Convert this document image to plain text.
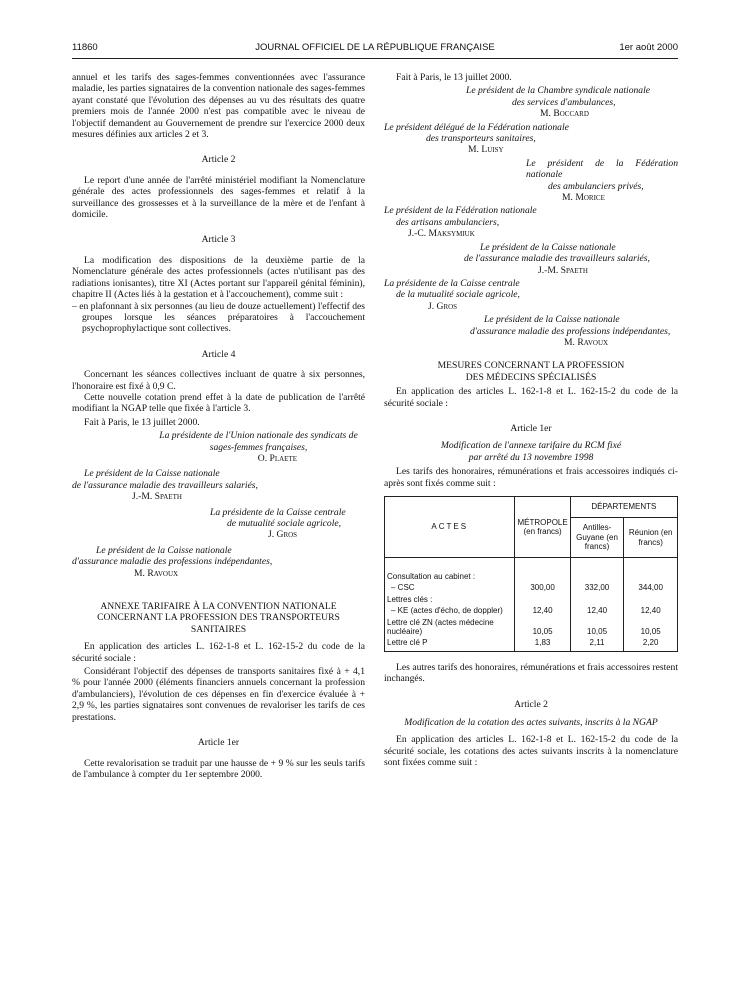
11860	JOURNAL OFFICIEL DE LA RÉPUBLIQUE FRANÇAISE	1er août 2000

annuel et les tarifs des sages-femmes conventionnées avec l'assurance maladie, les parties signataires de la convention nationale des sages-femmes ayant constaté que l'évolution des dépenses au vu des résultats des quatre premiers mois de l'année 2000 n'est pas compatible avec le niveau de l'objectif demandent au Gouvernement de prendre sur l'exercice 2000 deux mesures définies aux articles 2 et 3.

Article 2

Le report d'une année de l'arrêté ministériel modifiant la Nomenclature générale des actes professionnels des sages-femmes et relatif à la surveillance des grossesses et à la surveillance de la mère et de l'enfant à domicile.

Article 3

La modification des dispositions de la deuxième partie de la Nomenclature générale des actes professionnels (actes n'utilisant pas des radiations ionisantes), titre XI (Actes portant sur l'appareil génital féminin), chapitre II (Actes liés à la gestation et à l'accouchement), comme suit :

– en plafonnant à six personnes (au lieu de douze actuellement) l'effectif des groupes lorsque les séances préparatoires à l'accouchement psychoprophylactique sont collectives.

Article 4

Concernant les séances collectives incluant de quatre à six personnes, l'honoraire est fixé à 0,9 C.

Cette nouvelle cotation prend effet à la date de publication de l'arrêté modifiant la NGAP telle que fixée à l'article 3.

Fait à Paris, le 13 juillet 2000.

La présidente de l'Union nationale des syndicats de sages-femmes françaises,

O. Plaete

Le président de la Caisse nationale

de l'assurance maladie des travailleurs salariés,

J.-M. Spaeth

La présidente de la Caisse centrale

de mutualité sociale agricole,

J. Gros

Le président de la Caisse nationale

d'assurance maladie des professions indépendantes,

M. Ravoux

ANNEXE TARIFAIRE À LA CONVENTION NATIONALE CONCERNANT LA PROFESSION DES TRANSPORTEURS SANITAIRES

En application des articles L. 162-1-8 et L. 162-15-2 du code de la sécurité sociale :

Considérant l'objectif des dépenses de transports sanitaires fixé à + 4,1 % pour l'année 2000 (éléments financiers annuels concernant la profession d'ambulanciers), l'évolution de ces dépenses en fin d'exercice évaluée à + 2,9 %, les parties signataires sont convenues de revaloriser les tarifs de ces prestations.

Article 1er

Cette revalorisation se traduit par une hausse de + 9 % sur les seuls tarifs de l'ambulance à compter du 1er septembre 2000.

Fait à Paris, le 13 juillet 2000.

Le président de la Chambre syndicale nationale

des services d'ambulances,

M. Boccard

Le président délégué de la Fédération nationale

des transporteurs sanitaires,

M. Luisy

Le président de la Fédération nationale

des ambulanciers privés,

M. Morice

Le président de la Fédération nationale

des artisans ambulanciers,

J.-C. Maksymiuk

Le président de la Caisse nationale

de l'assurance maladie des travailleurs salariés,

J.-M. Spaeth

La présidente de la Caisse centrale

de la mutualité sociale agricole,

J. Gros

Le président de la Caisse nationale

d'assurance maladie des professions indépendantes,

M. Ravoux

MESURES CONCERNANT LA PROFESSION

DES MÉDECINS SPÉCIALISÉS

En application des articles L. 162-1-8 et L. 162-15-2 du code de la sécurité sociale :

Article 1er

Modification de l'annexe tarifaire du RCM fixé

par arrêté du 13 novembre 1998

Les tarifs des honoraires, rémunérations et frais accessoires indiqués ci-après sont fixés comme suit :

ACTES	MÉTROPOLE (en francs)	DÉPARTEMENTS	
		Antilles-Guyane (en francs)	Réunion (en francs)
Consultation au cabinet :			
– CSC	300,00	332,00	344,00
Lettres clés :			
– KE (actes d'écho, de doppler)	12,40	12,40	12,40
Lettre clé ZN (actes médecine nucléaire)	10,05	10,05	10,05
Lettre clé P	1,83	2,11	2,20

Les autres tarifs des honoraires, rémunérations et frais accessoires restent inchangés.

Article 2

Modification de la cotation des actes suivants, inscrits à la NGAP

En application des articles L. 162-1-8 et L. 162-15-2 du code de la sécurité sociale, les cotations des actes suivants inscrits à la nomenclature sont fixées comme suit :
